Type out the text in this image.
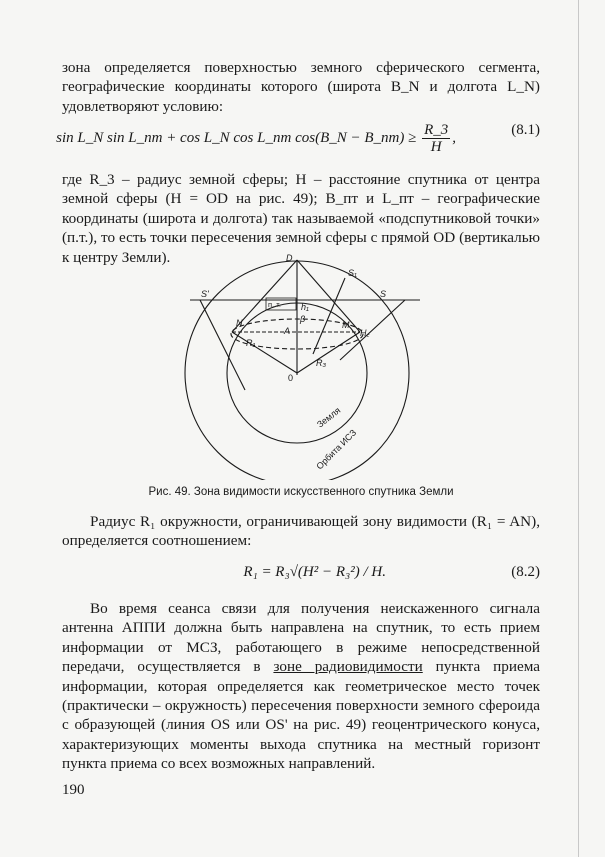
зона определяется поверхностью земного сферического сегмента, географические координаты которого (широта B_N и долгота L_N) удовлетворяют условию:
sin L_N sin L_пт + cos L_N cos L_пт cos(B_N − B_пт) ≥ $\frac{R\_3}{H}$ ,	(8.1)
где R_3 – радиус земной сферы; H – расстояние спутника от центра земной сферы (H = OD на рис. 49); B_пт и L_пт – географические координаты (широта и долгота) так называемой «подспутниковой точки» (п.т.), то есть точки пересечения земной сферы с прямой OD (вертикалью к центру Земли).	D
S₁
S'	S
п. т. h₁
β
N
A
M
H꜀
R₁
R₃
0
Земля
Орбита ИСЗ
Рис. 49. Зона видимости искусственного спутника Земли
Радиус R₁ окружности, ограничивающей зону видимости (R₁ = AN), определяется соотношением:
R₁ = R₃√(H² − R₃²) / H.	(8.2)
Во время сеанса связи для получения неискаженного сигнала антенна АППИ должна быть направлена на спутник, то есть прием информации от МСЗ, работающего в режиме непосредственной передачи, осуществляется в зоне радиовидимости пункта приема информации, которая определяется как геометрическое место точек (практически – окружность) пересечения поверхности земного сфероида с образующей (линия OS или OS' на рис. 49) геоцентрического конуса, характеризующих моменты выхода спутника на местный горизонт пункта приема со всех возможных направлений.
190
